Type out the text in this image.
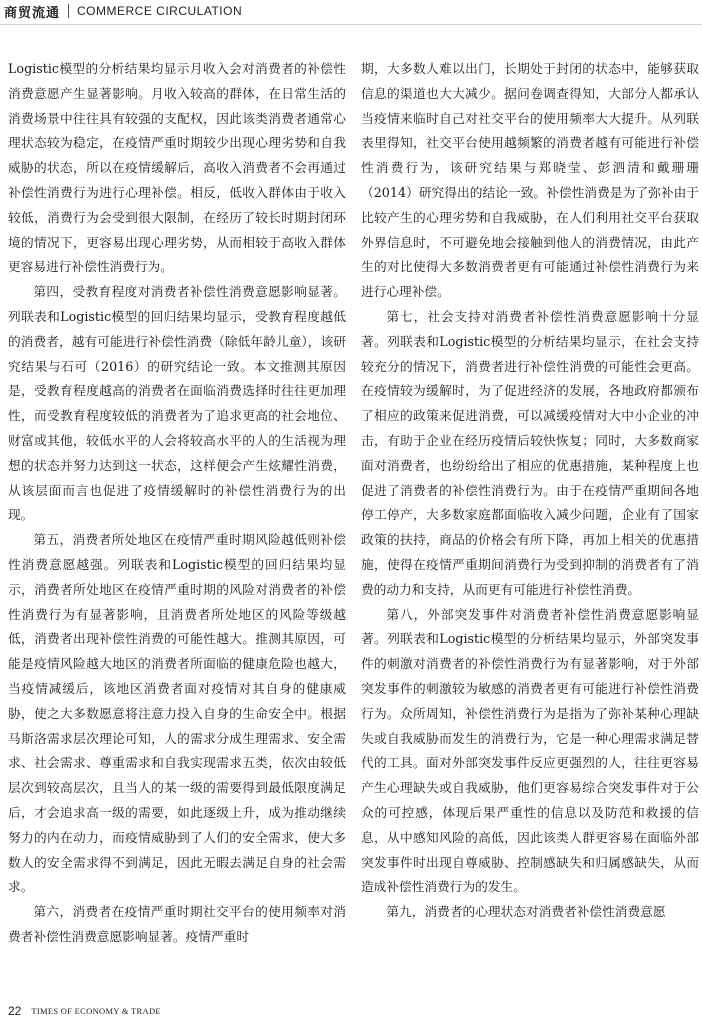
商贸流通	COMMERCE CIRCULATION

Logistic模型的分析结果均显示月收入会对消费者的补偿性消费意愿产生显著影响。月收入较高的群体，在日常生活的消费场景中往往具有较强的支配权，因此该类消费者通常心理状态较为稳定，在疫情严重时期较少出现心理劣势和自我威胁的状态，所以在疫情缓解后，高收入消费者不会再通过补偿性消费行为进行心理补偿。相反，低收入群体由于收入较低，消费行为会受到很大限制，在经历了较长时期封闭环境的情况下，更容易出现心理劣势，从而相较于高收入群体更容易进行补偿性消费行为。

第四，受教育程度对消费者补偿性消费意愿影响显著。列联表和Logistic模型的回归结果均显示，受教育程度越低的消费者，越有可能进行补偿性消费（除低年龄儿童），该研究结果与石可（2016）的研究结论一致。本文推测其原因是，受教育程度越高的消费者在面临消费选择时往往更加理性，而受教育程度较低的消费者为了追求更高的社会地位、财富或其他，较低水平的人会将较高水平的人的生活视为理想的状态并努力达到这一状态，这样便会产生炫耀性消费，从该层面而言也促进了疫情缓解时的补偿性消费行为的出现。

第五，消费者所处地区在疫情严重时期风险越低则补偿性消费意愿越强。列联表和Logistic模型的回归结果均显示，消费者所处地区在疫情严重时期的风险对消费者的补偿性消费行为有显著影响，且消费者所处地区的风险等级越低，消费者出现补偿性消费的可能性越大。推测其原因，可能是疫情风险越大地区的消费者所面临的健康危险也越大，当疫情减缓后，该地区消费者面对疫情对其自身的健康威胁，使之大多数愿意将注意力投入自身的生命安全中。根据马斯洛需求层次理论可知，人的需求分成生理需求、安全需求、社会需求、尊重需求和自我实现需求五类，依次由较低层次到较高层次，且当人的某一级的需要得到最低限度满足后，才会追求高一级的需要，如此逐级上升，成为推动继续努力的内在动力，而疫情威胁到了人们的安全需求，使大多数人的安全需求得不到满足，因此无暇去满足自身的社会需求。

第六，消费者在疫情严重时期社交平台的使用频率对消费者补偿性消费意愿影响显著。疫情严重时

期，大多数人难以出门，长期处于封闭的状态中，能够获取信息的渠道也大大减少。据问卷调查得知，大部分人都承认当疫情来临时自己对社交平台的使用频率大大提升。从列联表里得知，社交平台使用越频繁的消费者越有可能进行补偿性消费行为，该研究结果与郑晓莹、彭泗清和戴珊珊（2014）研究得出的结论一致。补偿性消费是为了弥补由于比较产生的心理劣势和自我威胁，在人们利用社交平台获取外界信息时，不可避免地会接触到他人的消费情况，由此产生的对比使得大多数消费者更有可能通过补偿性消费行为来进行心理补偿。

第七，社会支持对消费者补偿性消费意愿影响十分显著。列联表和Logistic模型的分析结果均显示，在社会支持较充分的情况下，消费者进行补偿性消费的可能性会更高。在疫情较为缓解时，为了促进经济的发展，各地政府都颁布了相应的政策来促进消费，可以减缓疫情对大中小企业的冲击，有助于企业在经历疫情后较快恢复；同时，大多数商家面对消费者，也纷纷给出了相应的优惠措施，某种程度上也促进了消费者的补偿性消费行为。由于在疫情严重期间各地停工停产，大多数家庭都面临收入减少问题，企业有了国家政策的扶持，商品的价格会有所下降，再加上相关的优惠措施，使得在疫情严重期间消费行为受到抑制的消费者有了消费的动力和支持，从而更有可能进行补偿性消费。

第八，外部突发事件对消费者补偿性消费意愿影响显著。列联表和Logistic模型的分析结果均显示，外部突发事件的刺激对消费者的补偿性消费行为有显著影响，对于外部突发事件的刺激较为敏感的消费者更有可能进行补偿性消费行为。众所周知，补偿性消费行为是指为了弥补某种心理缺失或自我威胁而发生的消费行为，它是一种心理需求满足替代的工具。面对外部突发事件反应更强烈的人，往往更容易产生心理缺失或自我威胁，他们更容易综合突发事件对于公众的可控感，体现后果严重性的信息以及防范和救援的信息，从中感知风险的高低，因此该类人群更容易在面临外部突发事件时出现自尊威胁、控制感缺失和归属感缺失，从而造成补偿性消费行为的发生。

第九，消费者的心理状态对消费者补偿性消费意愿

22	TIMES OF ECONOMY & TRADE
